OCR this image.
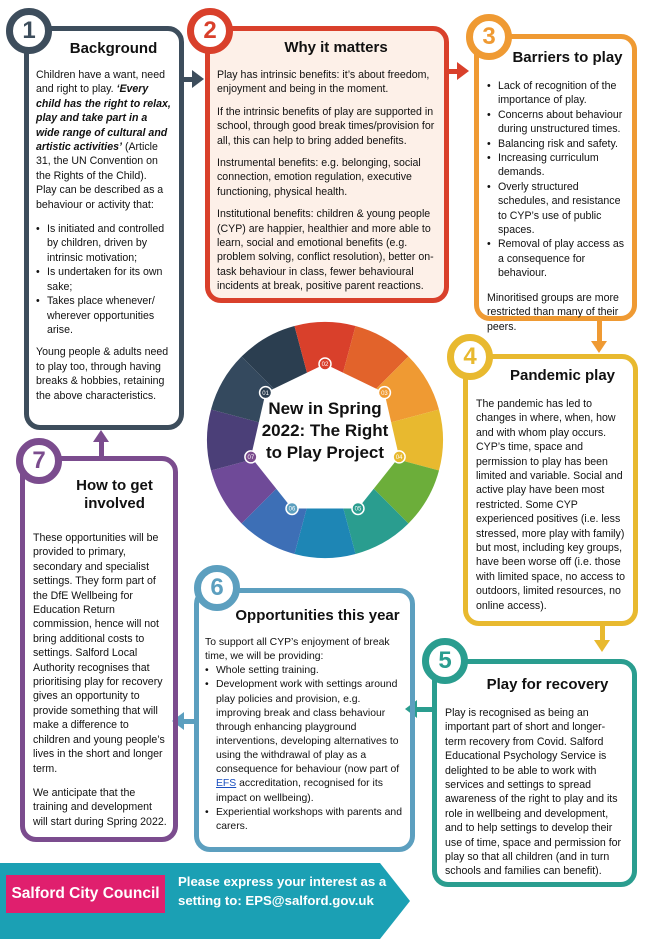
Background

Children have a want, need and right to play. ‘Every child has the right to relax, play and take part in a wide range of cultural and artistic activities’ (Article 31, the UN Convention on the Rights of the Child).

Play can be described as a behaviour or activity that:

• Is initiated and controlled by children, driven by intrinsic motivation;
• Is undertaken for its own sake;
• Takes place whenever/ wherever opportunities arise.

Young people & adults need to play too, through having breaks & hobbies, retaining the above characteristics.

1
Why it matters

Play has intrinsic benefits: it’s about freedom, enjoyment and being in the moment.

If the intrinsic benefits of play are supported in school, through good break times/provision for all, this can help to bring added benefits.

Instrumental benefits: e.g. belonging, social connection, emotion regulation, executive functioning, physical health.

Institutional benefits: children & young people (CYP) are happier, healthier and more able to learn, social and emotional benefits (e.g. problem solving, conflict resolution), better on- task behaviour in class, fewer behavioural incidents at break, positive parent reactions.

2
Barriers to play
• Lack of recognition of the importance of play.
• Concerns about behaviour during unstructured times.
• Balancing risk and safety.
• Increasing curriculum demands.
• Overly structured schedules, and resistance to CYP’s use of public spaces.
• Removal of play access as a consequence for behaviour.

Minoritised groups are more restricted than many of their peers.

3
Pandemic play

The pandemic has led to changes in where, when, how and with whom play occurs. CYP’s time, space and permission to play has been limited and variable. Social and active play have been most restricted. Some CYP experienced positives (i.e. less stressed, more play with family) but most, including key groups, have been worse off (i.e. those with limited space, no access to outdoors, limited resources, no online access).

4
Play for recovery

Play is recognised as being an important part of short and longer-term recovery from Covid. Salford Educational Psychology Service is delighted to be able to work with services and settings to spread awareness of the right to play and its role in wellbeing and development, and to help settings to develop their use of time, space and permission for play so that all children (and in turn schools and families can benefit).

5
Opportunities this year

To support all CYP’s enjoyment of break time, we will be providing:

• Whole setting training.
• Development work with settings around play policies and provision, e.g. improving break and class behaviour through enhancing playground interventions, developing alternatives to using the withdrawal of play as a consequence for behaviour (now part of EFS accreditation, recognised for its impact on wellbeing).
• Experiential workshops with parents and carers.
6
How to get involved

These opportunities will be provided to primary, secondary and specialist settings. They form part of the DfE Wellbeing for Education Return commission, hence will not bring additional costs to settings. Salford Local Authority recognises that prioritising play for recovery gives an opportunity to provide something that will make a difference to children and young people’s lives in the short and longer term.

We anticipate that the training and development will start during Spring 2022.

7
01
02
03
04
05
06
07
New in Spring 2022: The Right to Play Project
Salford City Council
Please express your interest as a
setting to: EPS@salford.gov.uk
